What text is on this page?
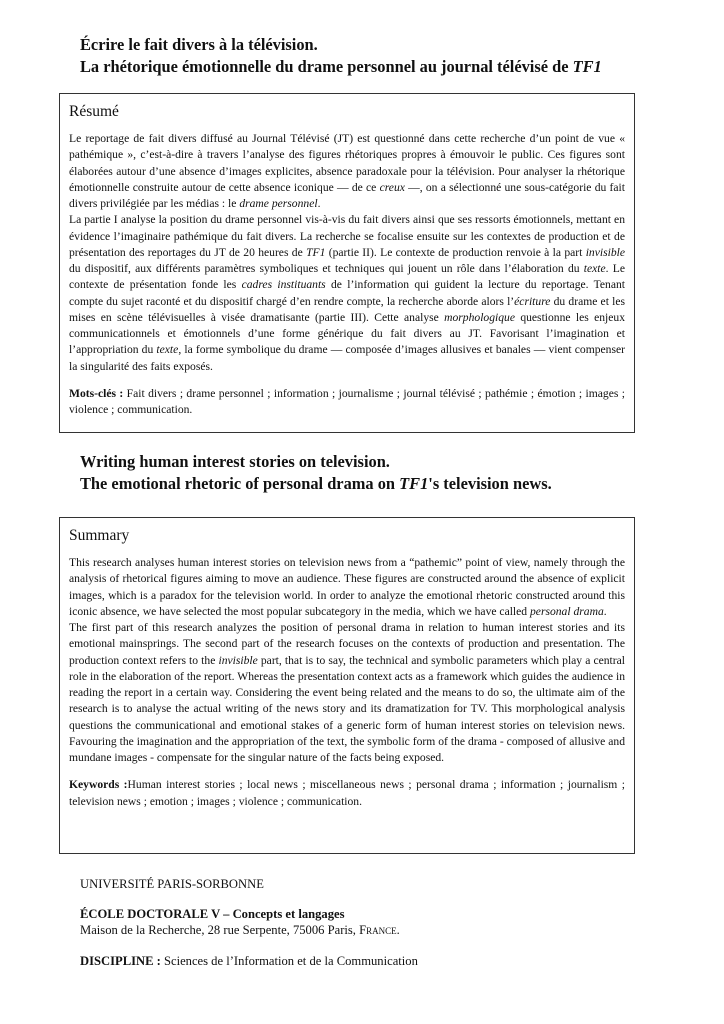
Écrire le fait divers à la télévision.
La rhétorique émotionnelle du drame personnel au journal télévisé de TF1
Résumé

Le reportage de fait divers diffusé au Journal Télévisé (JT) est questionné dans cette recherche d’un point de vue « pathémique », c’est-à-dire à travers l’analyse des figures rhétoriques propres à émouvoir le public. Ces figures sont élaborées autour d’une absence d’images explicites, absence paradoxale pour la télévision. Pour analyser la rhétorique émotionnelle construite autour de cette absence iconique — de ce creux —, on a sélectionné une sous-catégorie du fait divers privilégiée par les médias : le drame personnel.

La partie I analyse la position du drame personnel vis-à-vis du fait divers ainsi que ses ressorts émotionnels, mettant en évidence l’imaginaire pathémique du fait divers. La recherche se focalise ensuite sur les contextes de production et de présentation des reportages du JT de 20 heures de TF1 (partie II). Le contexte de production renvoie à la part invisible du dispositif, aux différents paramètres symboliques et techniques qui jouent un rôle dans l’élaboration du texte. Le contexte de présentation fonde les cadres instituants de l’information qui guident la lecture du reportage. Tenant compte du sujet raconté et du dispositif chargé d’en rendre compte, la recherche aborde alors l’écriture du drame et les mises en scène télévisuelles à visée dramatisante (partie III). Cette analyse morphologique questionne les enjeux communicationnels et émotionnels d’une forme générique du fait divers au JT. Favorisant l’imagination et l’appropriation du texte, la forme symbolique du drame — composée d’images allusives et banales — vient compenser la singularité des faits exposés.

Mots-clés : Fait divers ; drame personnel ; information ; journalisme ; journal télévisé ; pathémie ; émotion ; images ; violence ; communication.
Writing human interest stories on television.
The emotional rhetoric of personal drama on TF1's television news.
Summary

This research analyses human interest stories on television news from a “pathemic” point of view, namely through the analysis of rhetorical figures aiming to move an audience. These figures are constructed around the absence of explicit images, which is a paradox for the television world. In order to analyze the emotional rhetoric constructed around this iconic absence, we have selected the most popular subcategory in the media, which we have called personal drama.

The first part of this research analyzes the position of personal drama in relation to human interest stories and its emotional mainsprings. The second part of the research focuses on the contexts of production and presentation. The production context refers to the invisible part, that is to say, the technical and symbolic parameters which play a central role in the elaboration of the report. Whereas the presentation context acts as a framework which guides the audience in reading the report in a certain way. Considering the event being related and the means to do so, the ultimate aim of the research is to analyse the actual writing of the news story and its dramatization for TV. This morphological analysis questions the communicational and emotional stakes of a generic form of human interest stories on television news. Favouring the imagination and the appropriation of the text, the symbolic form of the drama - composed of allusive and mundane images - compensate for the singular nature of the facts being exposed.

Keywords :Human interest stories ; local news ; miscellaneous news ; personal drama ; information ; journalism ; television news ; emotion ; images ; violence ; communication.
UNIVERSITÉ PARIS-SORBONNE
ÉCOLE DOCTORALE V – Concepts et langages
Maison de la Recherche, 28 rue Serpente, 75006 Paris, France.
DISCIPLINE : Sciences de l’Information et de la Communication
